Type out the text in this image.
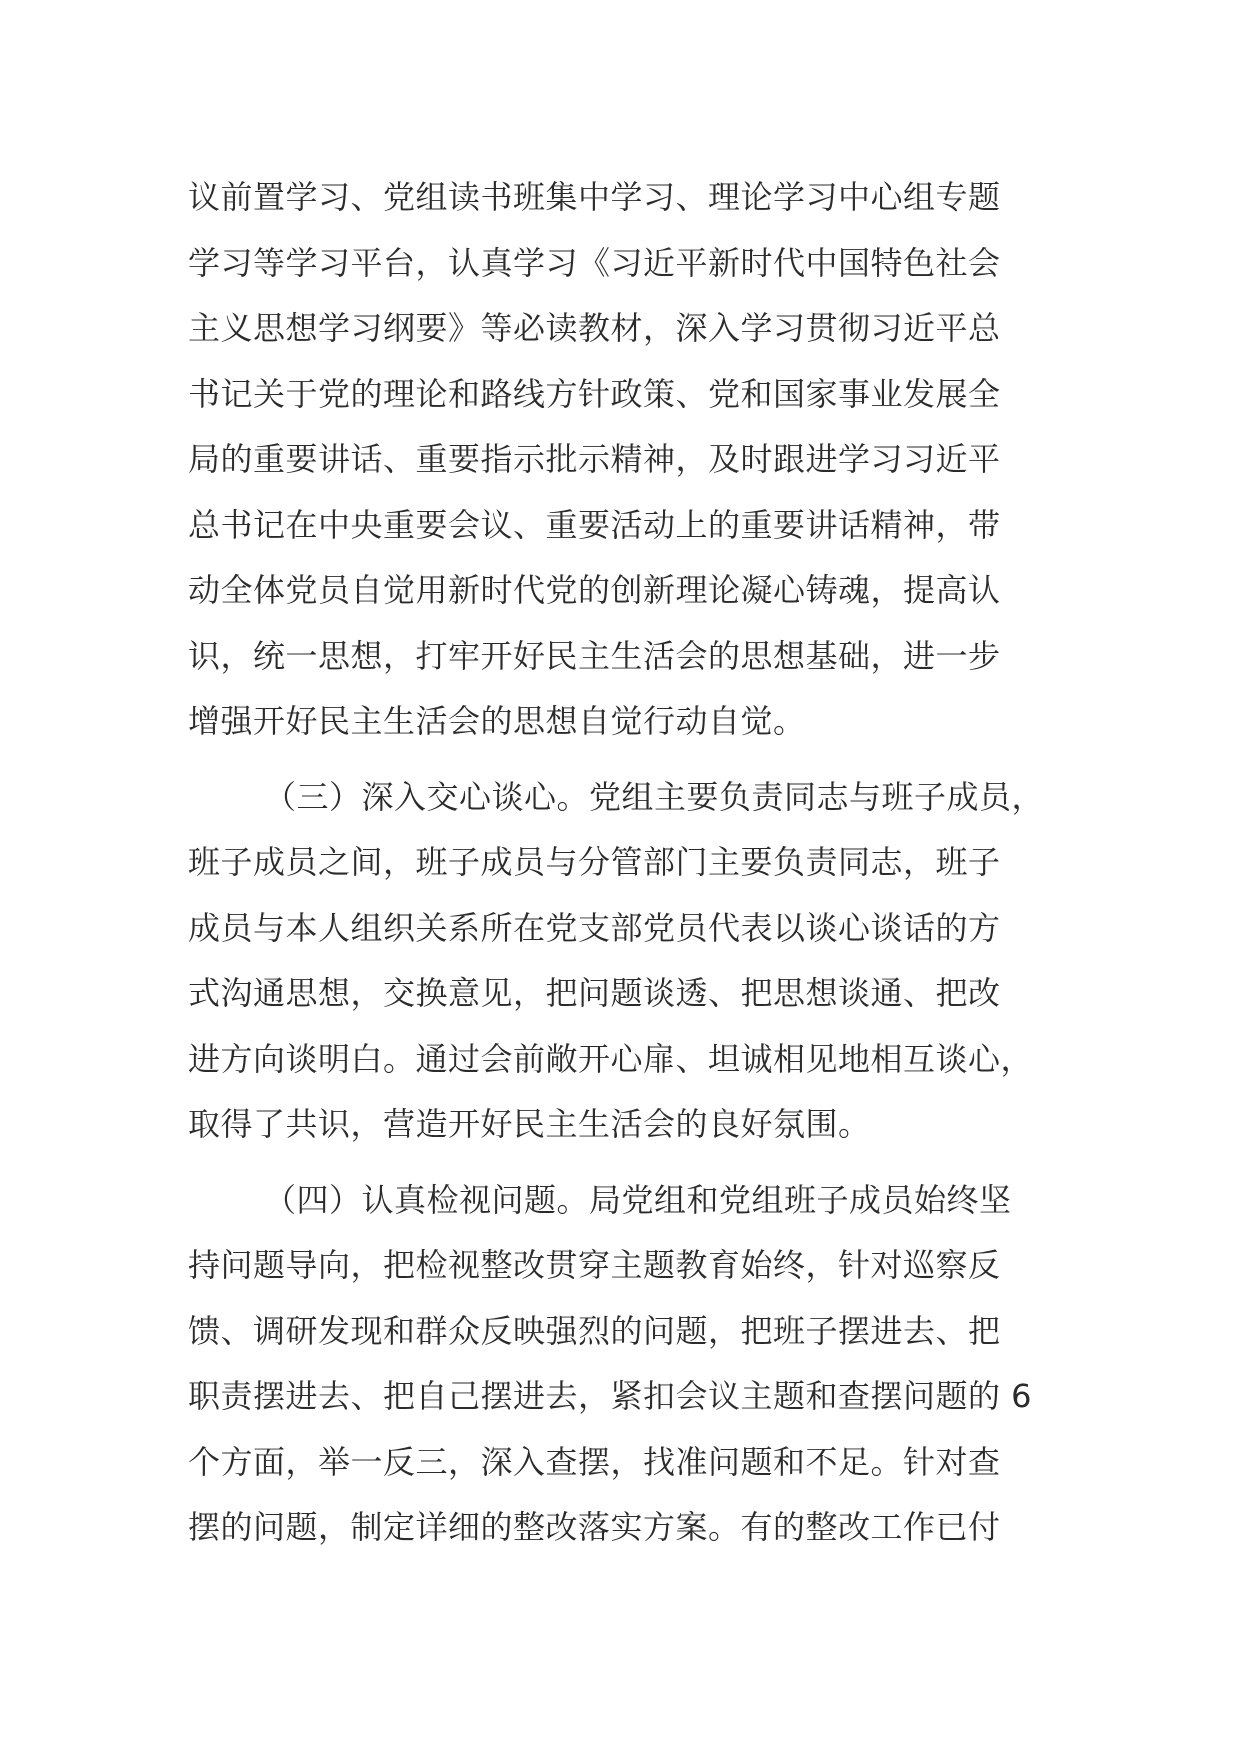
议前置学习、党组读书班集中学习、理论学习中心组专题
学习等学习平台，认真学习《习近平新时代中国特色社会
主义思想学习纲要》等必读教材，深入学习贯彻习近平总
书记关于党的理论和路线方针政策、党和国家事业发展全
局的重要讲话、重要指示批示精神，及时跟进学习习近平
总书记在中央重要会议、重要活动上的重要讲话精神，带
动全体党员自觉用新时代党的创新理论凝心铸魂，提高认
识，统一思想，打牢开好民主生活会的思想基础，进一步
增强开好民主生活会的思想自觉行动自觉。
（三）深入交心谈心。党组主要负责同志与班子成员，
班子成员之间，班子成员与分管部门主要负责同志，班子
成员与本人组织关系所在党支部党员代表以谈心谈话的方
式沟通思想，交换意见，把问题谈透、把思想谈通、把改
进方向谈明白。通过会前敞开心扉、坦诚相见地相互谈心，
取得了共识，营造开好民主生活会的良好氛围。
（四）认真检视问题。局党组和党组班子成员始终坚
持问题导向，把检视整改贯穿主题教育始终，针对巡察反
馈、调研发现和群众反映强烈的问题，把班子摆进去、把
职责摆进去、把自己摆进去，紧扣会议主题和查摆问题的 6
个方面，举一反三，深入查摆，找准问题和不足。针对查
摆的问题，制定详细的整改落实方案。有的整改工作已付
